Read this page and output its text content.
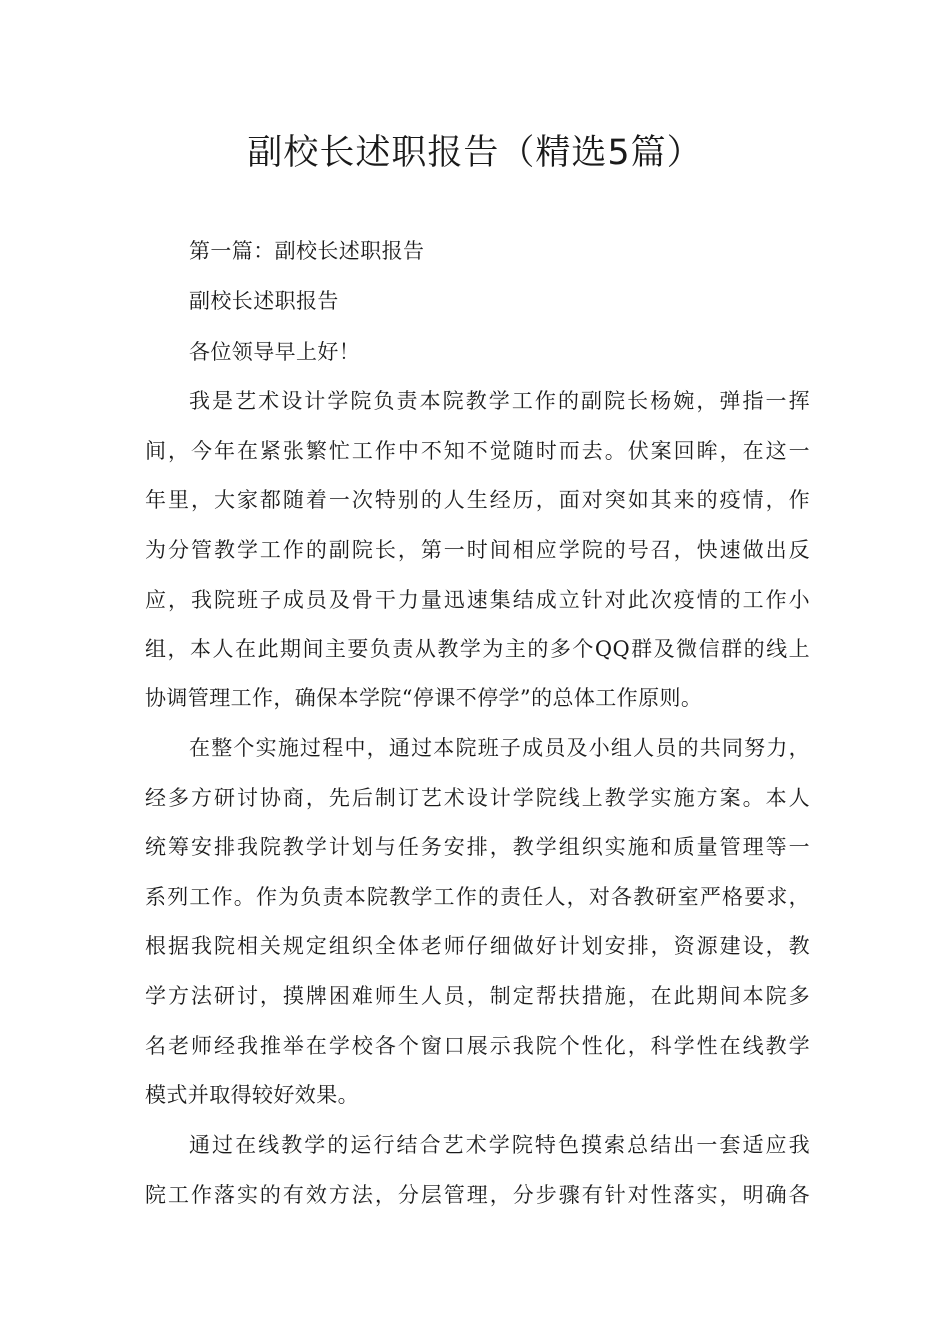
副校长述职报告（精选5篇）

第一篇：副校长述职报告

副校长述职报告

各位领导早上好！

我是艺术设计学院负责本院教学工作的副院长杨婉，弹指一挥

间，今年在紧张繁忙工作中不知不觉随时而去。伏案回眸，在这一

年里，大家都随着一次特别的人生经历，面对突如其来的疫情，作

为分管教学工作的副院长，第一时间相应学院的号召，快速做出反

应，我院班子成员及骨干力量迅速集结成立针对此次疫情的工作小

组，本人在此期间主要负责从教学为主的多个QQ群及微信群的线上

协调管理工作，确保本学院“停课不停学”的总体工作原则。

在整个实施过程中，通过本院班子成员及小组人员的共同努力，

经多方研讨协商，先后制订艺术设计学院线上教学实施方案。本人

统筹安排我院教学计划与任务安排，教学组织实施和质量管理等一

系列工作。作为负责本院教学工作的责任人，对各教研室严格要求，

根据我院相关规定组织全体老师仔细做好计划安排，资源建设，教

学方法研讨，摸牌困难师生人员，制定帮扶措施，在此期间本院多

名老师经我推举在学校各个窗口展示我院个性化，科学性在线教学

模式并取得较好效果。

通过在线教学的运行结合艺术学院特色摸索总结出一套适应我

院工作落实的有效方法，分层管理，分步骤有针对性落实，明确各
